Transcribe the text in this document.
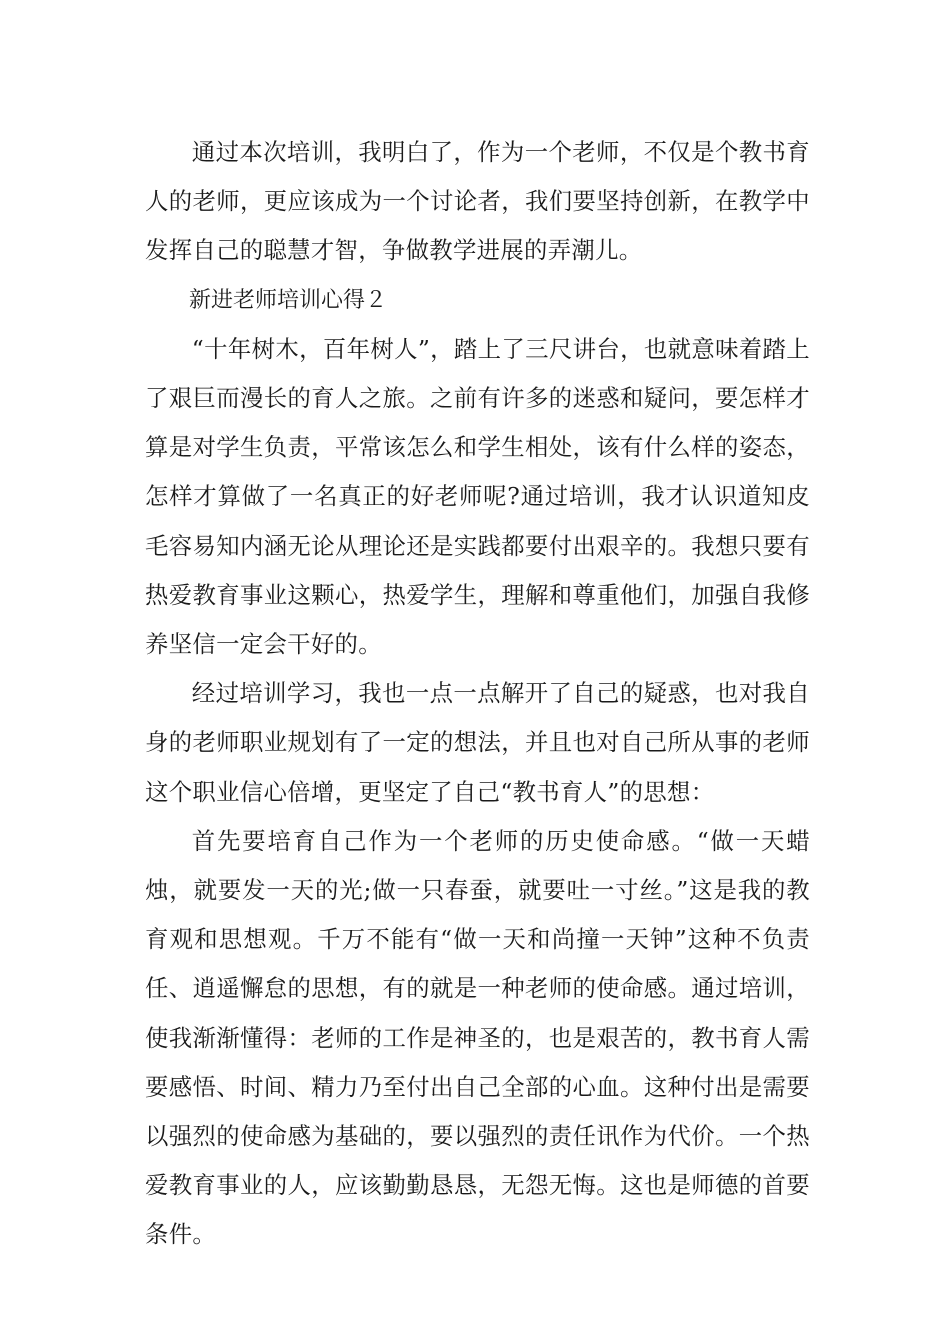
通过本次培训，我明白了，作为一个老师，不仅是个教书育人的老师，更应该成为一个讨论者，我们要坚持创新，在教学中发挥自己的聪慧才智，争做教学进展的弄潮儿。

新进老师培训心得２

“十年树木，百年树人”，踏上了三尺讲台，也就意味着踏上了艰巨而漫长的育人之旅。之前有许多的迷惑和疑问，要怎样才算是对学生负责，平常该怎么和学生相处，该有什么样的姿态，怎样才算做了一名真正的好老师呢?通过培训，我才认识道知皮毛容易知内涵无论从理论还是实践都要付出艰辛的。我想只要有热爱教育事业这颗心，热爱学生，理解和尊重他们，加强自我修养坚信一定会干好的。

经过培训学习，我也一点一点解开了自己的疑惑，也对我自身的老师职业规划有了一定的想法，并且也对自己所从事的老师这个职业信心倍增，更坚定了自己“教书育人”的思想：

首先要培育自己作为一个老师的历史使命感。“做一天蜡烛，就要发一天的光;做一只春蚕，就要吐一寸丝。”这是我的教育观和思想观。千万不能有“做一天和尚撞一天钟”这种不负责任、逍遥懈怠的思想，有的就是一种老师的使命感。通过培训，使我渐渐懂得：老师的工作是神圣的，也是艰苦的，教书育人需要感悟、时间、精力乃至付出自己全部的心血。这种付出是需要以强烈的使命感为基础的，要以强烈的责任讯作为代价。一个热爱教育事业的人，应该勤勤恳恳，无怨无悔。这也是师德的首要条件。
